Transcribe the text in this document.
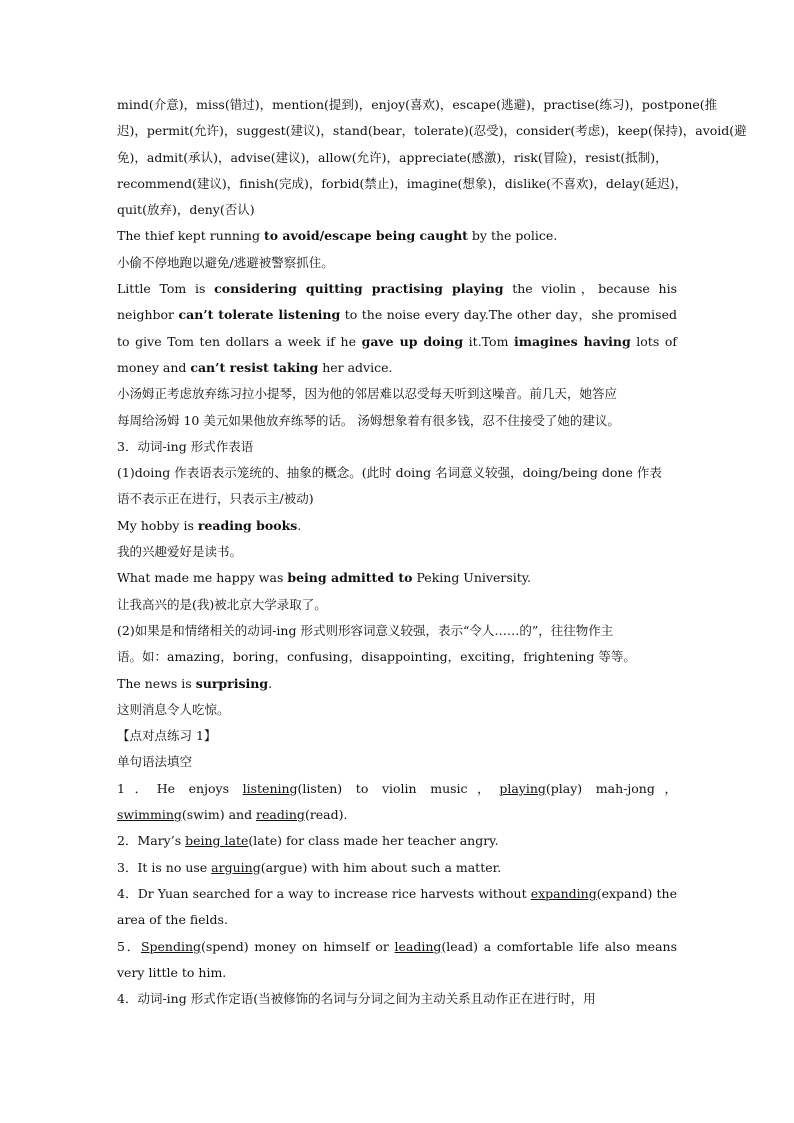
mind(介意)，miss(错过)，mention(提到)，enjoy(喜欢)，escape(逃避)，practise(练习)，postpone(推

迟)，permit(允许)，suggest(建议)，stand(bear，tolerate)(忍受)，consider(考虑)，keep(保持)，avoid(避

免)，admit(承认)，advise(建议)，allow(允许)，appreciate(感激)，risk(冒险)，resist(抵制)，

recommend(建议)，finish(完成)，forbid(禁止)，imagine(想象)，dislike(不喜欢)，delay(延迟)，

quit(放弃)，deny(否认)

The thief kept running to avoid/escape being caught by the police.

小偷不停地跑以避免/逃避被警察抓住。

Little Tom is considering quitting practising playing the violin，because his neighbor can’t tolerate listening to the noise every day.The other day，she promised to give Tom ten dollars a week if he gave up doing it.Tom imagines having lots of money and can’t resist taking her advice.

小汤姆正考虑放弃练习拉小提琴，因为他的邻居难以忍受每天听到这噪音。前几天，她答应

每周给汤姆 10 美元如果他放弃练琴的话。 汤姆想象着有很多钱，忍不住接受了她的建议。

3．动词-ing 形式作表语

(1)doing 作表语表示笼统的、抽象的概念。(此时 doing 名词意义较强，doing/being done 作表

语不表示正在进行，只表示主/被动)

My hobby is reading books.

我的兴趣爱好是读书。

What made me happy was being admitted to Peking University.

让我高兴的是(我)被北京大学录取了。

(2)如果是和情绪相关的动词-ing 形式则形容词意义较强，表示“令人……的”，往往物作主

语。如：amazing，boring，confusing，disappointing，exciting，frightening 等等。

The news is surprising.

这则消息令人吃惊。

【点对点练习 1】

单句语法填空

1．He enjoys listening(listen) to violin music，playing(play) mah-jong，swimming(swim) and reading(read).

2．Mary’s being late(late) for class made her teacher angry.

3．It is no use arguing(argue) with him about such a matter.

4．Dr Yuan searched for a way to increase rice harvests without expanding(expand) the area of the fields.

5．Spending(spend) money on himself or leading(lead) a comfortable life also means very little to him.

4．动词-ing 形式作定语(当被修饰的名词与分词之间为主动关系且动作正在进行时，用
